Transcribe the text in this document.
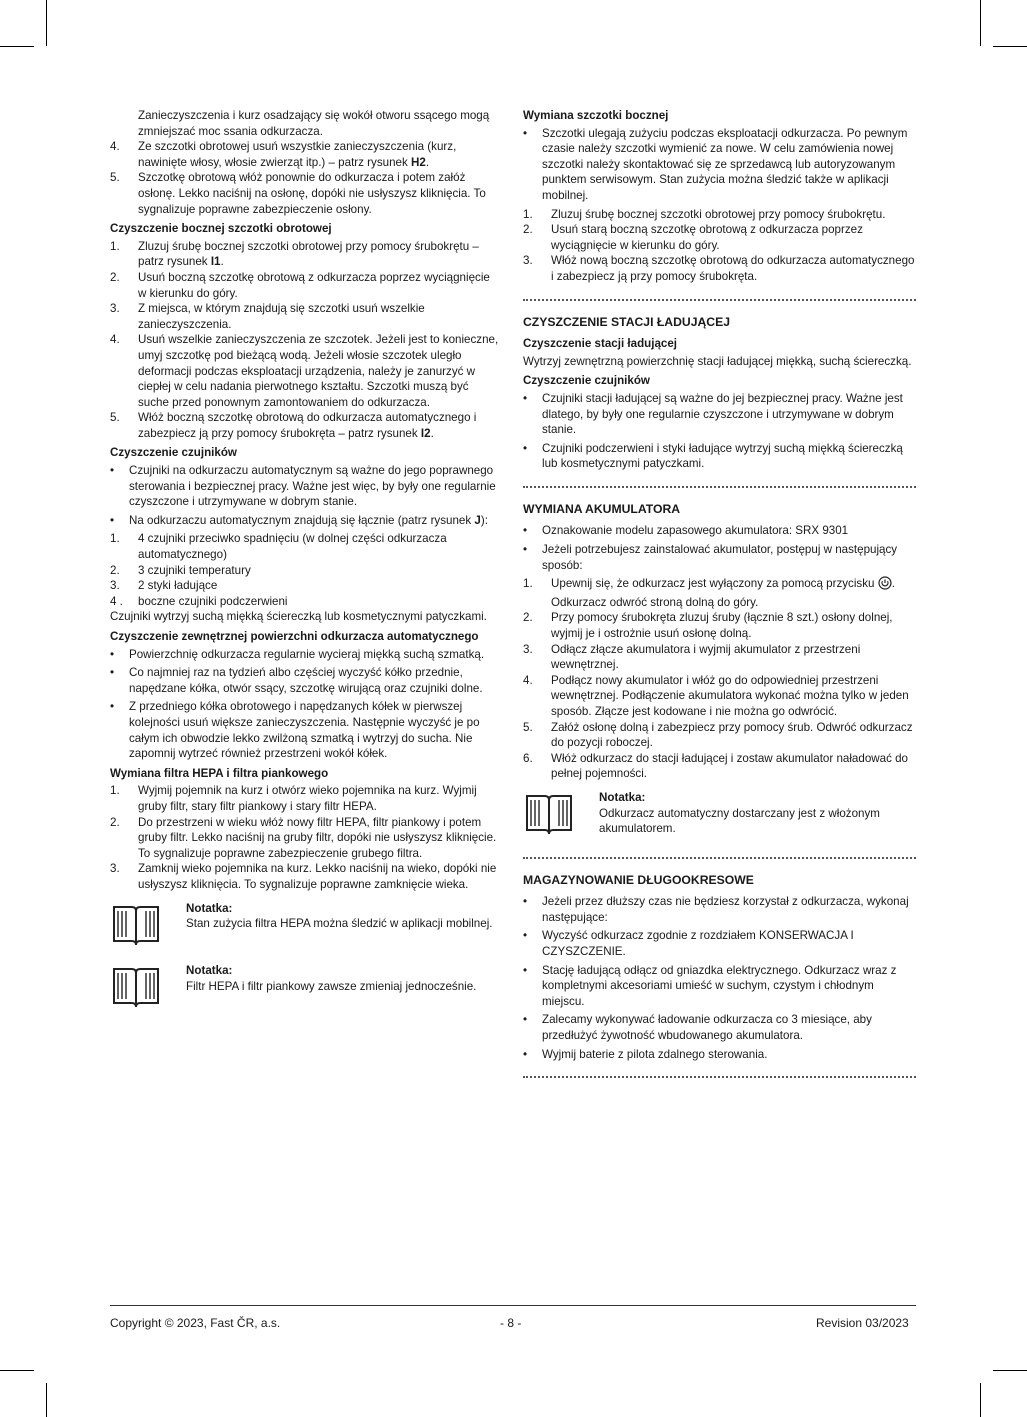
Zanieczyszczenia i kurz osadzający się wokół otworu ssącego mogą zmniejszać moc ssania odkurzacza.
4.	Ze szczotki obrotowej usuń wszystkie zanieczyszczenia (kurz, nawinięte włosy, włosie zwierząt itp.) – patrz rysunek H2.
5.	Szczotkę obrotową włóż ponownie do odkurzacza i potem załóż osłonę. Lekko naciśnij na osłonę, dopóki nie usłyszysz kliknięcia. To sygnalizuje poprawne zabezpieczenie osłony.
Czyszczenie bocznej szczotki obrotowej
1.	Zluzuj śrubę bocznej szczotki obrotowej przy pomocy śrubokrętu – patrz rysunek I1.
2.	Usuń boczną szczotkę obrotową z odkurzacza poprzez wyciągnięcie w kierunku do góry.
3.	Z miejsca, w którym znajdują się szczotki usuń wszelkie zanieczyszczenia.
4.	Usuń wszelkie zanieczyszczenia ze szczotek. Jeżeli jest to konieczne, umyj szczotkę pod bieżącą wodą. Jeżeli włosie szczotek uległo deformacji podczas eksploatacji urządzenia, należy je zanurzyć w ciepłej w celu nadania pierwotnego kształtu. Szczotki muszą być suche przed ponownym zamontowaniem do odkurzacza.
5.	Włóż boczną szczotkę obrotową do odkurzacza automatycznego i zabezpiecz ją przy pomocy śrubokręta – patrz rysunek I2.
Czyszczenie czujników
•	Czujniki na odkurzaczu automatycznym są ważne do jego poprawnego sterowania i bezpiecznej pracy. Ważne jest więc, by były one regularnie czyszczone i utrzymywane w dobrym stanie.
•	Na odkurzaczu automatycznym znajdują się łącznie (patrz rysunek J):
1.	4 czujniki przeciwko spadnięciu (w dolnej części odkurzacza automatycznego)
2.	3 czujniki temperatury
3.	2 styki ładujące
4 .	boczne czujniki podczerwieni
Czujniki wytrzyj suchą miękką ściereczką lub kosmetycznymi patyczkami.
Czyszczenie zewnętrznej powierzchni odkurzacza automatycznego
•	Powierzchnię odkurzacza regularnie wycieraj miękką suchą szmatką.
•	Co najmniej raz na tydzień albo częściej wyczyść kółko przednie, napędzane kółka, otwór ssący, szczotkę wirującą oraz czujniki dolne.
•	Z przedniego kółka obrotowego i napędzanych kółek w pierwszej kolejności usuń większe zanieczyszczenia. Następnie wyczyść je po całym ich obwodzie lekko zwilżoną szmatką i wytrzyj do sucha. Nie zapomnij wytrzeć również przestrzeni wokół kółek.
Wymiana filtra HEPA i filtra piankowego
1.	Wyjmij pojemnik na kurz i otwórz wieko pojemnika na kurz. Wyjmij gruby filtr, stary filtr piankowy i stary filtr HEPA.
2.	Do przestrzeni w wieku włóż nowy filtr HEPA, filtr piankowy i potem gruby filtr. Lekko naciśnij na gruby filtr, dopóki nie usłyszysz kliknięcie. To sygnalizuje poprawne zabezpieczenie grubego filtra.
3.	Zamknij wieko pojemnika na kurz. Lekko naciśnij na wieko, dopóki nie usłyszysz kliknięcia. To sygnalizuje poprawne zamknięcie wieka.
Notatka:
Stan zużycia filtra HEPA można śledzić w aplikacji mobilnej.
Notatka:
Filtr HEPA i filtr piankowy zawsze zmieniaj jednocześnie.
Wymiana szczotki bocznej
•	Szczotki ulegają zużyciu podczas eksploatacji odkurzacza. Po pewnym czasie należy szczotki wymienić za nowe. W celu zamówienia nowej szczotki należy skontaktować się ze sprzedawcą lub autoryzowanym punktem serwisowym. Stan zużycia można śledzić także w aplikacji mobilnej.
1.	Zluzuj śrubę bocznej szczotki obrotowej przy pomocy śrubokrętu.
2.	Usuń starą boczną szczotkę obrotową z odkurzacza poprzez wyciągnięcie w kierunku do góry.
3.	Włóż nową boczną szczotkę obrotową do odkurzacza automatycznego i zabezpiecz ją przy pomocy śrubokręta.
CZYSZCZENIE STACJI ŁADUJĄCEJ
Czyszczenie stacji ładującej
Wytrzyj zewnętrzną powierzchnię stacji ładującej miękką, suchą ściereczką.
Czyszczenie czujników
•	Czujniki stacji ładującej są ważne do jej bezpiecznej pracy. Ważne jest dlatego, by były one regularnie czyszczone i utrzymywane w dobrym stanie.
•	Czujniki podczerwieni i styki ładujące wytrzyj suchą miękką ściereczką lub kosmetycznymi patyczkami.
WYMIANA AKUMULATORA
•	Oznakowanie modelu zapasowego akumulatora: SRX 9301
•	Jeżeli potrzebujesz zainstalować akumulator, postępuj w następujący sposób:
1.	Upewnij się, że odkurzacz jest wyłączony za pomocą przycisku . Odkurzacz odwróć stroną dolną do góry.
2.	Przy pomocy śrubokręta zluzuj śruby (łącznie 8 szt.) osłony dolnej, wyjmij je i ostrożnie usuń osłonę dolną.
3.	Odłącz złącze akumulatora i wyjmij akumulator z przestrzeni wewnętrznej.
4.	Podłącz nowy akumulator i włóż go do odpowiedniej przestrzeni wewnętrznej. Podłączenie akumulatora wykonać można tylko w jeden sposób. Złącze jest kodowane i nie można go odwrócić.
5.	Załóż osłonę dolną i zabezpiecz przy pomocy śrub. Odwróć odkurzacz do pozycji roboczej.
6.	Włóż odkurzacz do stacji ładującej i zostaw akumulator naładować do pełnej pojemności.
Notatka:
Odkurzacz automatyczny dostarczany jest z włożonym akumulatorem.
MAGAZYNOWANIE DŁUGOOKRESOWE
•	Jeżeli przez dłuższy czas nie będziesz korzystał z odkurzacza, wykonaj następujące:
•	Wyczyść odkurzacz zgodnie z rozdziałem KONSERWACJA I CZYSZCZENIE.
•	Stację ładującą odłącz od gniazdka elektrycznego. Odkurzacz wraz z kompletnymi akcesoriami umieść w suchym, czystym i chłodnym miejscu.
•	Zalecamy wykonywać ładowanie odkurzacza co 3 miesiące, aby przedłużyć żywotność wbudowanego akumulatora.
•	Wyjmij baterie z pilota zdalnego sterowania.
Copyright © 2023, Fast ČR, a.s.	- 8 -	Revision 03/2023
